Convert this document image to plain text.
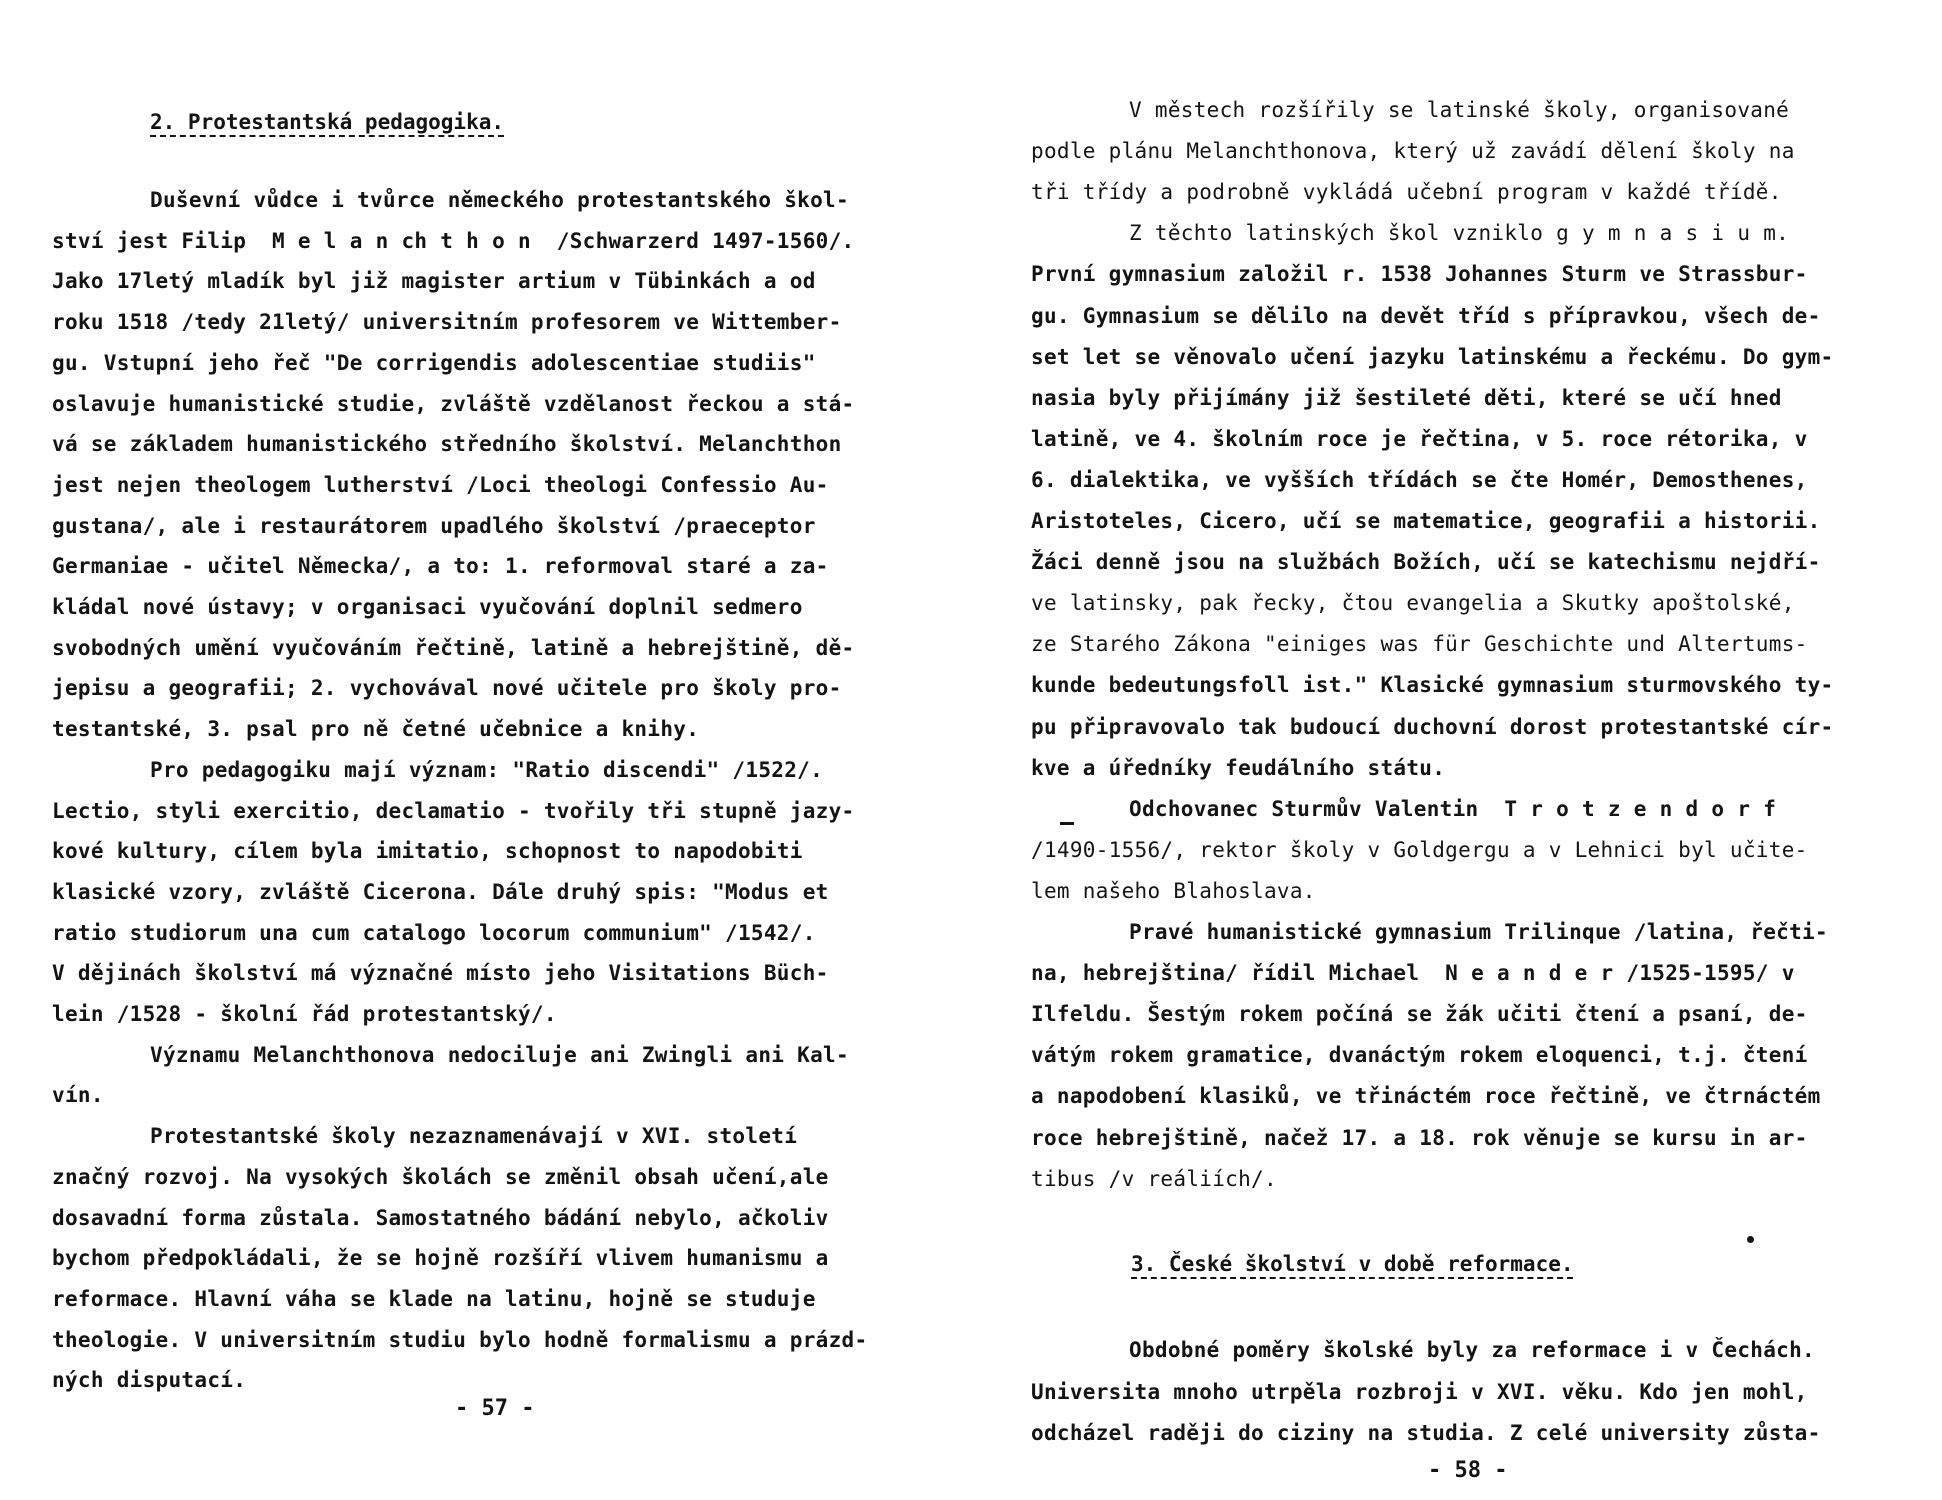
2. Protestantská pedagogika.
Duševní vůdce i tvůrce německého protestantského škol-
ství jest Filip  M e l a n ch t h o n  /Schwarzerd 1497-1560/.
Jako 17letý mladík byl již magister artium v Tübinkách a od
roku 1518 /tedy 21letý/ universitním profesorem ve Wittember-
gu. Vstupní jeho řeč "De corrigendis adolescentiae studiis"
oslavuje humanistické studie, zvláště vzdělanost řeckou a stá-
vá se základem humanistického středního školství. Melanchthon
jest nejen theologem lutherství /Loci theologi Confessio Au-
gustana/, ale i restaurátorem upadlého školství /praeceptor
Germaniae - učitel Německa/, a to: 1. reformoval staré a za-
kládal nové ústavy; v organisaci vyučování doplnil sedmero
svobodných umění vyučováním řečtině, latině a hebrejštině, dě-
jepisu a geografii; 2. vychovával nové učitele pro školy pro-
testantské, 3. psal pro ně četné učebnice a knihy.
Pro pedagogiku mají význam: "Ratio discendi" /1522/.
Lectio, styli exercitio, declamatio - tvořily tři stupně jazy-
kové kultury, cílem byla imitatio, schopnost to napodobiti
klasické vzory, zvláště Cicerona. Dále druhý spis: "Modus et
ratio studiorum una cum catalogo locorum communium" /1542/.
V dějinách školství má význačné místo jeho Visitations Büch-
lein /1528 - školní řád protestantský/.
Významu Melanchthonova nedociluje ani Zwingli ani Kal-
vín.
Protestantské školy nezaznamenávají v XVI. století
značný rozvoj. Na vysokých školách se změnil obsah učení,ale
dosavadní forma zůstala. Samostatného bádání nebylo, ačkoliv
bychom předpokládali, že se hojně rozšíří vlivem humanismu a
reformace. Hlavní váha se klade na latinu, hojně se studuje
theologie. V universitním studiu bylo hodně formalismu a prázd-
ných disputací.
- 57 -
V městech rozšířily se latinské školy, organisované
podle plánu Melanchthonova, který už zavádí dělení školy na
tři třídy a podrobně vykládá učební program v každé třídě.
Z těchto latinských škol vzniklo g y m n a s i u m.
První gymnasium založil r. 1538 Johannes Sturm ve Strassbur-
gu. Gymnasium se dělilo na devět tříd s přípravkou, všech de-
set let se věnovalo učení jazyku latinskému a řeckému. Do gym-
nasia byly přijímány již šestileté děti, které se učí hned
latině, ve 4. školním roce je řečtina, v 5. roce rétorika, v
6. dialektika, ve vyšších třídách se čte Homér, Demosthenes,
Aristoteles, Cicero, učí se matematice, geografii a historii.
Žáci denně jsou na službách Božích, učí se katechismu nejdří-
ve latinsky, pak řecky, čtou evangelia a Skutky apoštolské,
ze Starého Zákona "einiges was für Geschichte und Altertums-
kunde bedeutungsfoll ist." Klasické gymnasium sturmovského ty-
pu připravovalo tak budoucí duchovní dorost protestantské cír-
kve a úředníky feudálního státu.
Odchovanec Sturmův Valentin  T r o t z e n d o r f
/1490-1556/, rektor školy v Goldgergu a v Lehnici byl učite-
lem našeho Blahoslava.
Pravé humanistické gymnasium Trilinque /latina, řečti-
na, hebrejština/ řídil Michael  N e a n d e r /1525-1595/ v
Ilfeldu. Šestým rokem počíná se žák učiti čtení a psaní, de-
vátým rokem gramatice, dvanáctým rokem eloquenci, t.j. čtení
a napodobení klasiků, ve třináctém roce řečtině, ve čtrnáctém
roce hebrejštině, načež 17. a 18. rok věnuje se kursu in ar-
tibus /v reáliích/.
3. České školství v době reformace.
Obdobné poměry školské byly za reformace i v Čechách.
Universita mnoho utrpěla rozbroji v XVI. věku. Kdo jen mohl,
odcházel raději do ciziny na studia. Z celé university zůsta-
- 58 -
